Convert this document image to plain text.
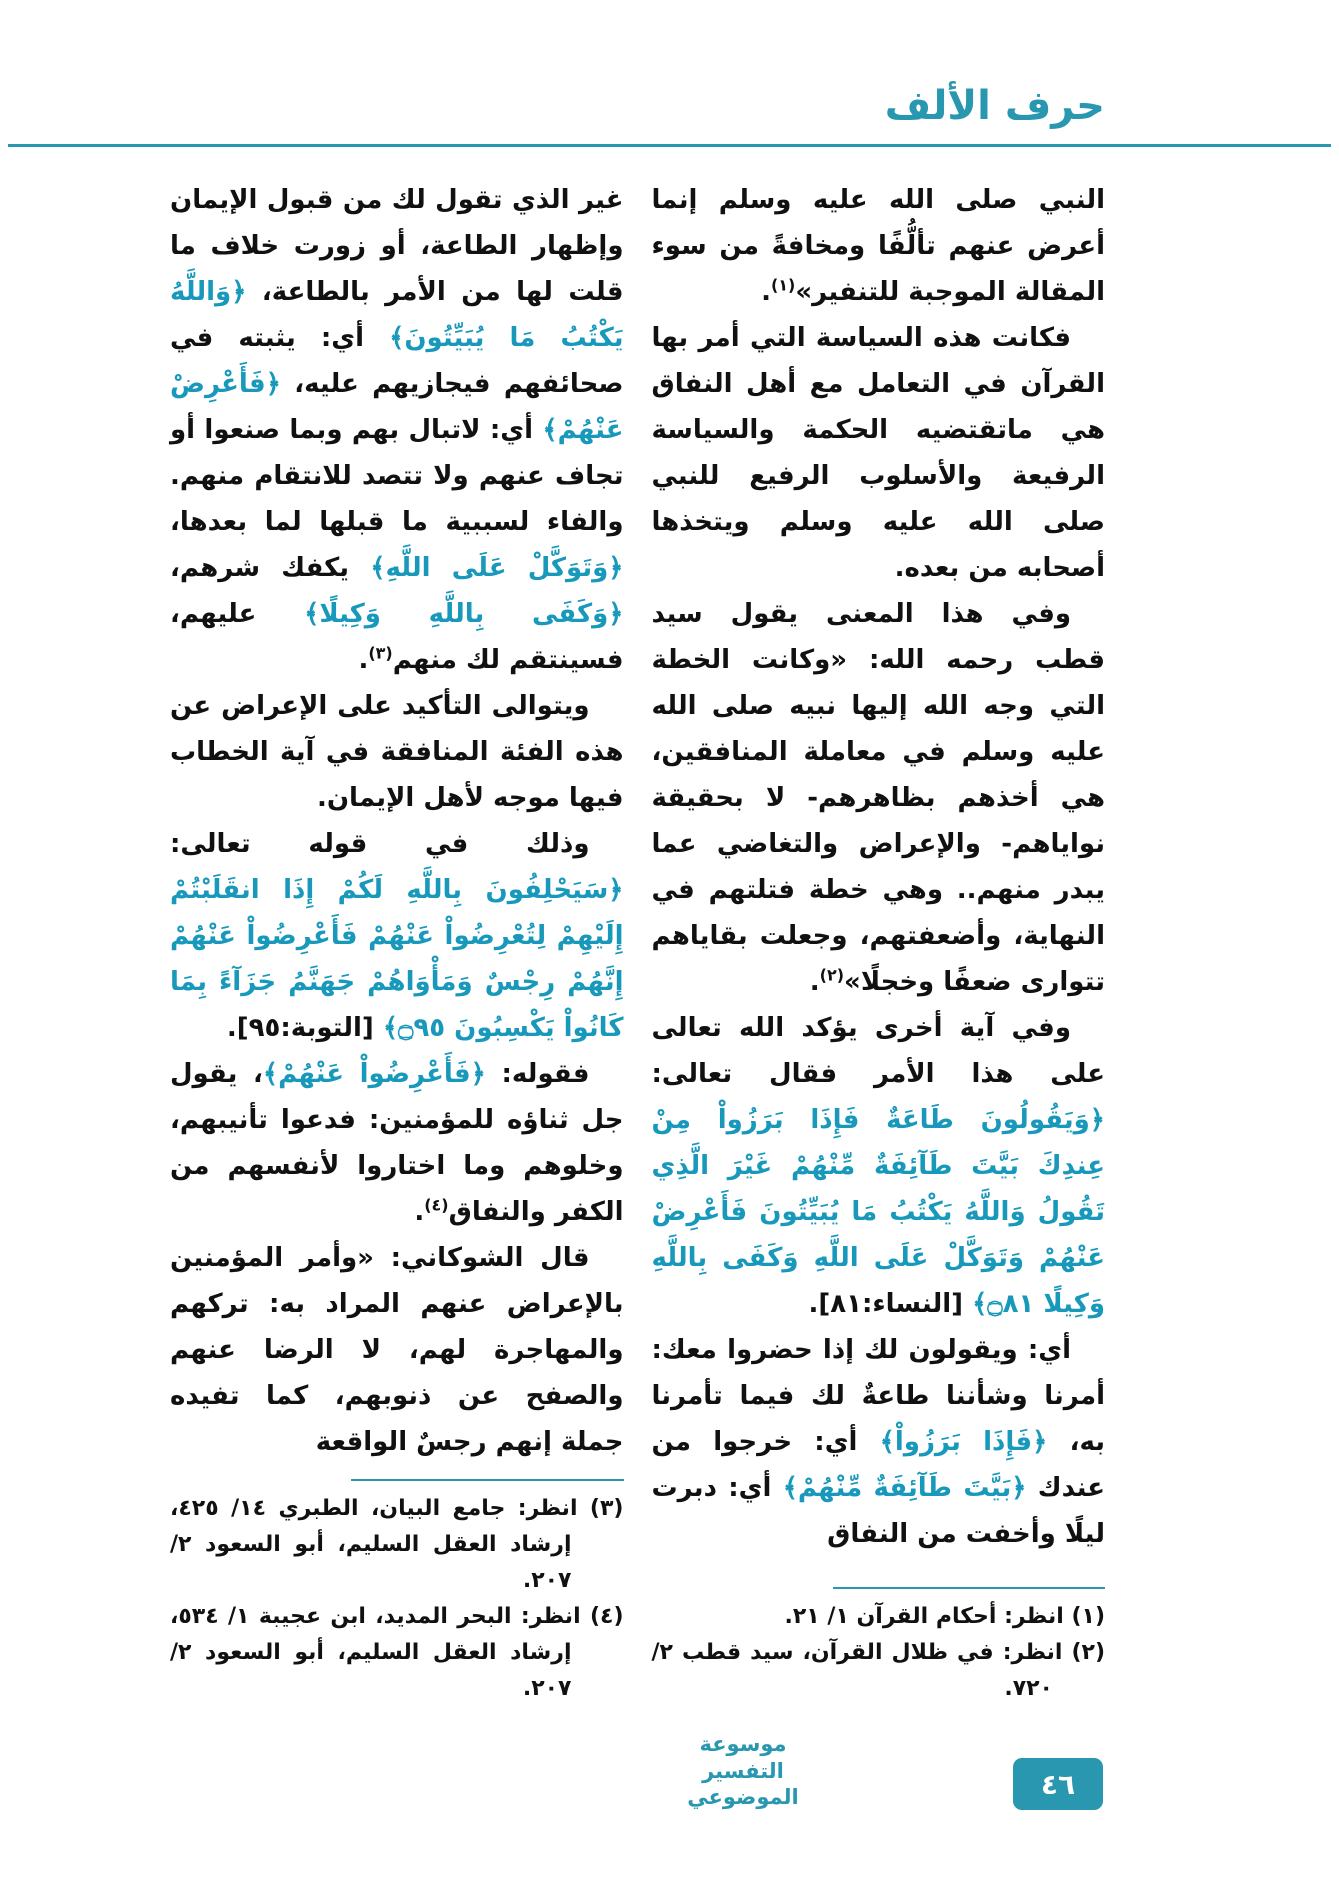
حرف الألف

النبي صلى الله عليه وسلم إنما أعرض عنهم تألُّفًا ومخافةً من سوء المقالة الموجبة للتنفير»$^{(١)}$.

فكانت هذه السياسة التي أمر بها القرآن في التعامل مع أهل النفاق هي ماتقتضيه الحكمة والسياسة الرفيعة والأسلوب الرفيع للنبي صلى الله عليه وسلم ويتخذها أصحابه من بعده.

وفي هذا المعنى يقول سيد قطب رحمه الله: «وكانت الخطة التي وجه الله إليها نبيه صلى الله عليه وسلم في معاملة المنافقين، هي أخذهم بظاهرهم- لا بحقيقة نواياهم- والإعراض والتغاضي عما يبدر منهم.. وهي خطة فتلتهم في النهاية، وأضعفتهم، وجعلت بقاياهم تتوارى ضعفًا وخجلًا»$^{(٢)}$.

وفي آية أخرى يؤكد الله تعالى على هذا الأمر فقال تعالى: ﴿وَيَقُولُونَ طَاعَةٌ فَإِذَا بَرَزُواْ مِنْ عِندِكَ بَيَّتَ طَآئِفَةٌ مِّنْهُمْ غَيْرَ الَّذِي تَقُولُ وَاللَّهُ يَكْتُبُ مَا يُبَيِّتُونَ فَأَعْرِضْ عَنْهُمْ وَتَوَكَّلْ عَلَى اللَّهِ وَكَفَى بِاللَّهِ وَكِيلًا ۝٨١﴾ [النساء:٨١].

أي: ويقولون لك إذا حضروا معك: أمرنا وشأننا طاعةٌ لك فيما تأمرنا به، ﴿فَإِذَا بَرَزُواْ﴾ أي: خرجوا من عندك ﴿بَيَّتَ طَآئِفَةٌ مِّنْهُمْ﴾ أي: دبرت ليلًا وأخفت من النفاق

(١) انظر: أحكام القرآن ١/ ٢١.
(٢) انظر: في ظلال القرآن، سيد قطب ٢/ ٧٢٠.

غير الذي تقول لك من قبول الإيمان وإظهار الطاعة، أو زورت خلاف ما قلت لها من الأمر بالطاعة، ﴿وَاللَّهُ يَكْتُبُ مَا يُبَيِّتُونَ﴾ أي: يثبته في صحائفهم فيجازيهم عليه، ﴿فَأَعْرِضْ عَنْهُمْ﴾ أي: لاتبال بهم وبما صنعوا أو تجاف عنهم ولا تتصد للانتقام منهم. والفاء لسببية ما قبلها لما بعدها، ﴿وَتَوَكَّلْ عَلَى اللَّهِ﴾ يكفك شرهم، ﴿وَكَفَى بِاللَّهِ وَكِيلًا﴾ عليهم، فسينتقم لك منهم$^{(٣)}$.

ويتوالى التأكيد على الإعراض عن هذه الفئة المنافقة في آية الخطاب فيها موجه لأهل الإيمان.

وذلك في قوله تعالى: ﴿سَيَحْلِفُونَ بِاللَّهِ لَكُمْ إِذَا انقَلَبْتُمْ إِلَيْهِمْ لِتُعْرِضُواْ عَنْهُمْ فَأَعْرِضُواْ عَنْهُمْ إِنَّهُمْ رِجْسٌ وَمَأْوَاهُمْ جَهَنَّمُ جَزَآءً بِمَا كَانُواْ يَكْسِبُونَ ۝٩٥﴾ [التوبة:٩٥].

فقوله: ﴿فَأَعْرِضُواْ عَنْهُمْ﴾، يقول جل ثناؤه للمؤمنين: فدعوا تأنيبهم، وخلوهم وما اختاروا لأنفسهم من الكفر والنفاق$^{(٤)}$.

قال الشوكاني: «وأمر المؤمنين بالإعراض عنهم المراد به: تركهم والمهاجرة لهم، لا الرضا عنهم والصفح عن ذنوبهم، كما تفيده جملة إنهم رجسٌ الواقعة

(٣) انظر: جامع البيان، الطبري ١٤/ ٤٢٥، إرشاد العقل السليم، أبو السعود ٢/ ٢٠٧.
(٤) انظر: البحر المديد، ابن عجيبة ١/ ٥٣٤، إرشاد العقل السليم، أبو السعود ٢/ ٢٠٧.
موسوعة التفسير الموضوعي	٤٦
